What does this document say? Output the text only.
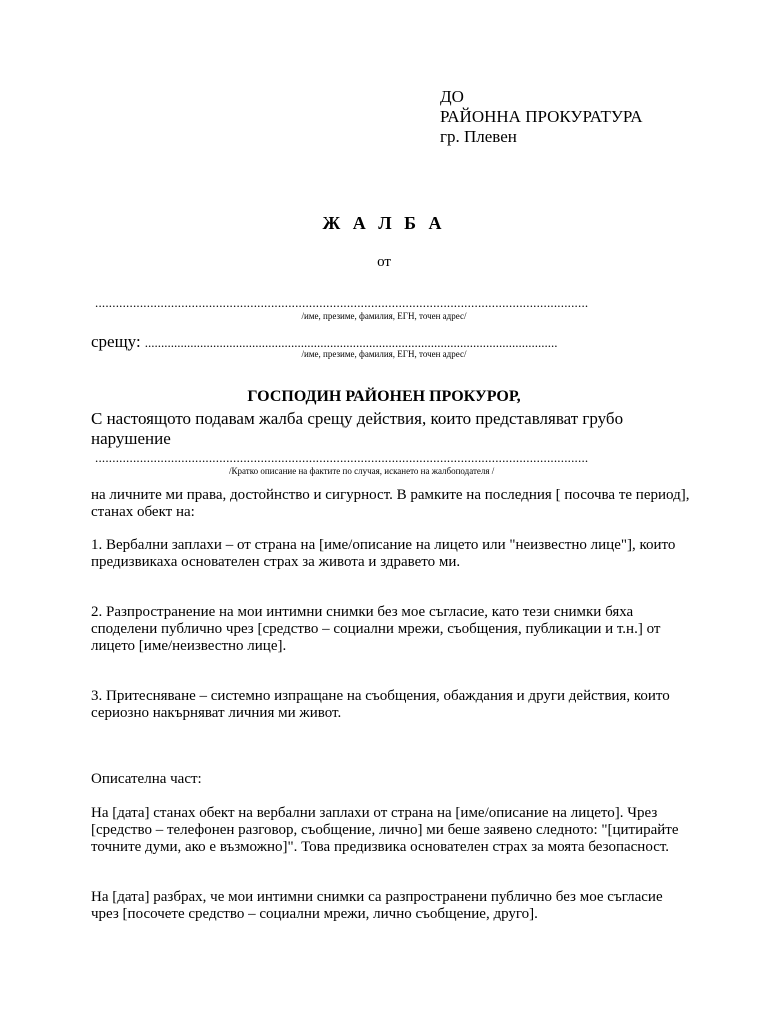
ДО
РАЙОННА ПРОКУРАТУРА
гр. Плевен
Ж А Л Б А
от
...............................................................................................................................................
/име, презиме, фамилия, ЕГН, точен адрес/
срещу: ...............................................................................................................................
/име, презиме, фамилия, ЕГН, точен адрес/
ГОСПОДИН РАЙОНЕН ПРОКУРОР,
С настоящото подавам жалба срещу действия, които представляват грубо
нарушение
...............................................................................................................................................
/Кратко описание на фактите по случая, искането на жалбоподателя /
на личните ми права, достойнство и сигурност. В рамките на последния [ посочва те период], станах обект на:
1. Вербални заплахи – от страна на [име/описание на лицето или "неизвестно лице"], които предизвикаха основателен страх за живота и здравето ми.
2. Разпространение на мои интимни снимки без мое съгласие, като тези снимки бяха споделени публично чрез [средство – социални мрежи, съобщения, публикации и т.н.] от лицето [име/неизвестно лице].
3. Притесняване – системно изпращане на съобщения, обаждания и други действия, които сериозно накърняват личния ми живот.
Описателна част:
На [дата] станах обект на вербални заплахи от страна на [име/описание на лицето]. Чрез [средство – телефонен разговор, съобщение, лично] ми беше заявено следното: "[цитирайте точните думи, ако е възможно]". Това предизвика основателен страх за моята безопасност.
На [дата] разбрах, че мои интимни снимки са разпространени публично без мое съгласие чрез [посочете средство – социални мрежи, лично съобщение, друго].
